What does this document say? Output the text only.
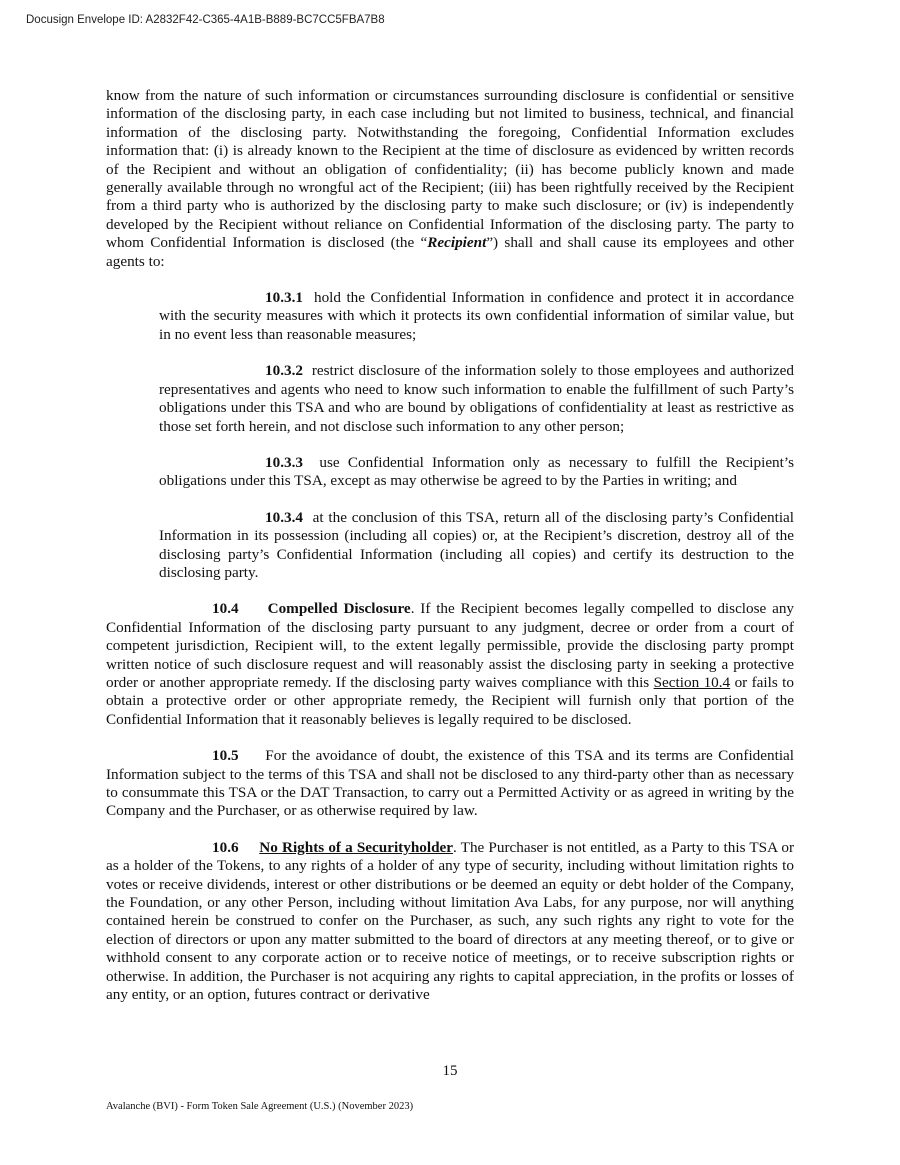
Docusign Envelope ID: A2832F42-C365-4A1B-B889-BC7CC5FBA7B8

know from the nature of such information or circumstances surrounding disclosure is confidential or sensitive information of the disclosing party, in each case including but not limited to business, technical, and financial information of the disclosing party. Notwithstanding the foregoing, Confidential Information excludes information that: (i) is already known to the Recipient at the time of disclosure as evidenced by written records of the Recipient and without an obligation of confidentiality; (ii) has become publicly known and made generally available through no wrongful act of the Recipient; (iii) has been rightfully received by the Recipient from a third party who is authorized by the disclosing party to make such disclosure; or (iv) is independently developed by the Recipient without reliance on Confidential Information of the disclosing party. The party to whom Confidential Information is disclosed (the “Recipient”) shall and shall cause its employees and other agents to:

10.3.1 hold the Confidential Information in confidence and protect it in accordance with the security measures with which it protects its own confidential information of similar value, but in no event less than reasonable measures;

10.3.2 restrict disclosure of the information solely to those employees and authorized representatives and agents who need to know such information to enable the fulfillment of such Party’s obligations under this TSA and who are bound by obligations of confidentiality at least as restrictive as those set forth herein, and not disclose such information to any other person;

10.3.3 use Confidential Information only as necessary to fulfill the Recipient’s obligations under this TSA, except as may otherwise be agreed to by the Parties in writing; and

10.3.4 at the conclusion of this TSA, return all of the disclosing party’s Confidential Information in its possession (including all copies) or, at the Recipient’s discretion, destroy all of the disclosing party’s Confidential Information (including all copies) and certify its destruction to the disclosing party.

10.4 Compelled Disclosure. If the Recipient becomes legally compelled to disclose any Confidential Information of the disclosing party pursuant to any judgment, decree or order from a court of competent jurisdiction, Recipient will, to the extent legally permissible, provide the disclosing party prompt written notice of such disclosure request and will reasonably assist the disclosing party in seeking a protective order or another appropriate remedy. If the disclosing party waives compliance with this Section 10.4 or fails to obtain a protective order or other appropriate remedy, the Recipient will furnish only that portion of the Confidential Information that it reasonably believes is legally required to be disclosed.

10.5 For the avoidance of doubt, the existence of this TSA and its terms are Confidential Information subject to the terms of this TSA and shall not be disclosed to any third-party other than as necessary to consummate this TSA or the DAT Transaction, to carry out a Permitted Activity or as agreed in writing by the Company and the Purchaser, or as otherwise required by law.

10.6 No Rights of a Securityholder. The Purchaser is not entitled, as a Party to this TSA or as a holder of the Tokens, to any rights of a holder of any type of security, including without limitation rights to votes or receive dividends, interest or other distributions or be deemed an equity or debt holder of the Company, the Foundation, or any other Person, including without limitation Ava Labs, for any purpose, nor will anything contained herein be construed to confer on the Purchaser, as such, any such rights any right to vote for the election of directors or upon any matter submitted to the board of directors at any meeting thereof, or to give or withhold consent to any corporate action or to receive notice of meetings, or to receive subscription rights or otherwise. In addition, the Purchaser is not acquiring any rights to capital appreciation, in the profits or losses of any entity, or an option, futures contract or derivative

15
Avalanche (BVI) - Form Token Sale Agreement (U.S.) (November 2023)
